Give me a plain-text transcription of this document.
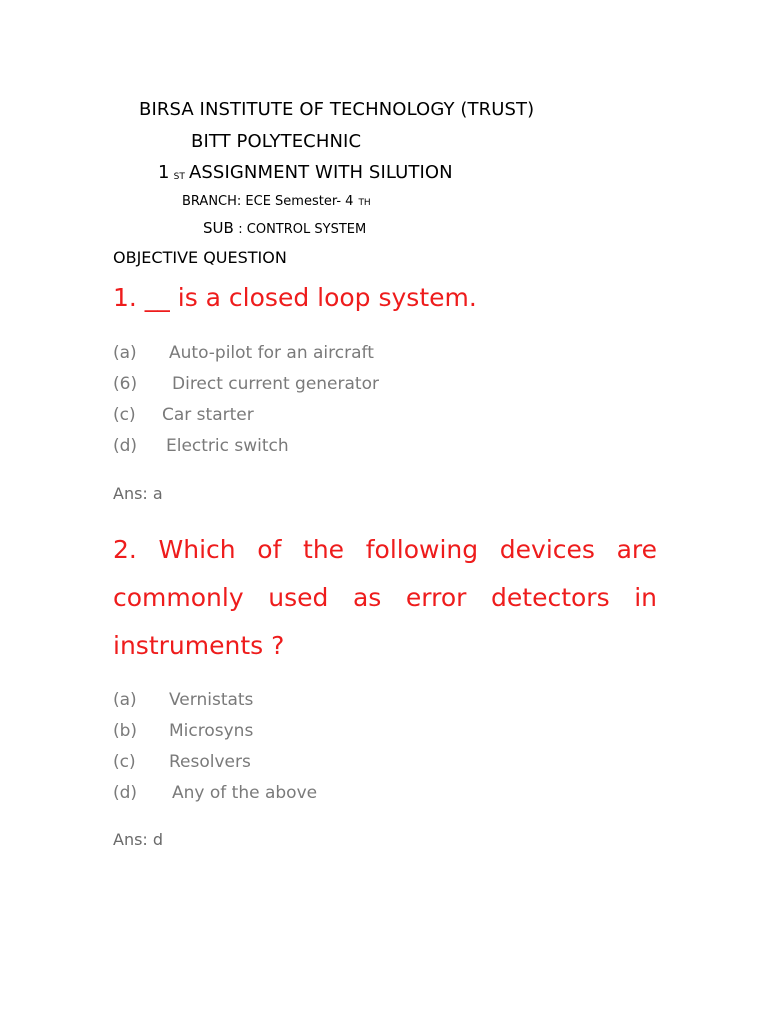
BIRSA INSTITUTE OF TECHNOLOGY (TRUST)
BITT POLYTECHNIC
1 ST ASSIGNMENT WITH SILUTION
BRANCH: ECE Semester- 4 TH
SUB : CONTROL SYSTEM
OBJECTIVE QUESTION
1. __ is a closed loop system.
(a) Auto-pilot for an aircraft
(6) Direct current generator
(c) Car starter
(d) Electric switch
Ans: a
2. Which of the following devices are
commonly used as error detectors in
instruments ?
(a) Vernistats
(b) Microsyns
(c) Resolvers
(d) Any of the above
Ans: d
